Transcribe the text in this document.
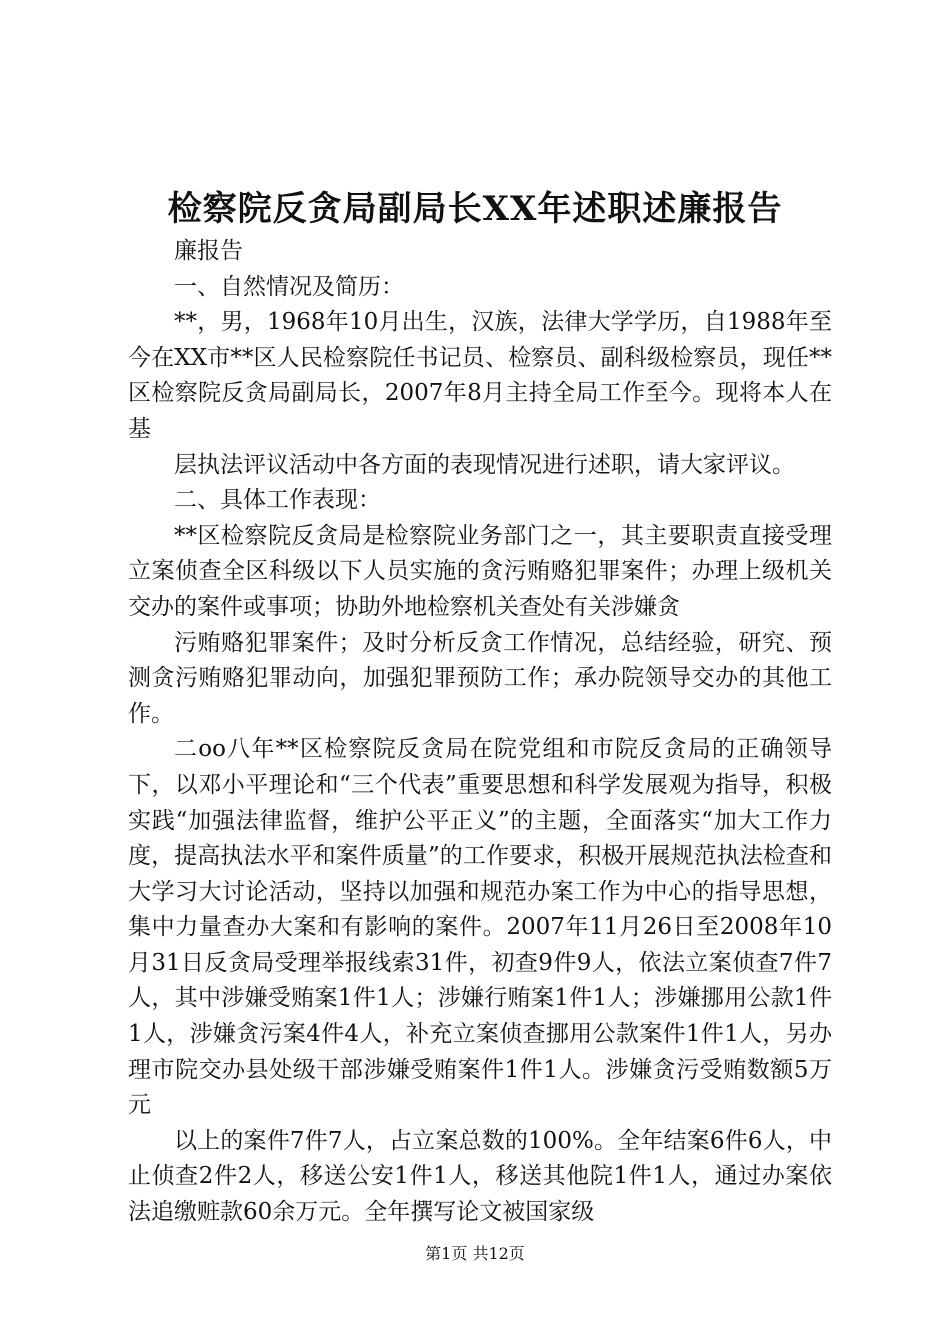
检察院反贪局副局长XX年述职述廉报告

廉报告

一、自然情况及简历：

**，男，1968年10月出生，汉族，法律大学学历，自1988年至今在XX市**区人民检察院任书记员、检察员、副科级检察员，现任**区检察院反贪局副局长，2007年8月主持全局工作至今。现将本人在基

层执法评议活动中各方面的表现情况进行述职，请大家评议。

二、具体工作表现：

**区检察院反贪局是检察院业务部门之一，其主要职责直接受理立案侦查全区科级以下人员实施的贪污贿赂犯罪案件；办理上级机关交办的案件或事项；协助外地检察机关查处有关涉嫌贪

污贿赂犯罪案件；及时分析反贪工作情况，总结经验，研究、预测贪污贿赂犯罪动向，加强犯罪预防工作；承办院领导交办的其他工作。

二oo八年**区检察院反贪局在院党组和市院反贪局的正确领导下，以邓小平理论和“三个代表”重要思想和科学发展观为指导，积极实践“加强法律监督，维护公平正义”的主题，全面落实“加大工作力度，提高执法水平和案件质量”的工作要求，积极开展规范执法检查和大学习大讨论活动，坚持以加强和规范办案工作为中心的指导思想，集中力量查办大案和有影响的案件。2007年11月26日至2008年10月31日反贪局受理举报线索31件，初查9件9人，依法立案侦查7件7人，其中涉嫌受贿案1件1人；涉嫌行贿案1件1人；涉嫌挪用公款1件1人，涉嫌贪污案4件4人，补充立案侦查挪用公款案件1件1人，另办理市院交办县处级干部涉嫌受贿案件1件1人。涉嫌贪污受贿数额5万元

以上的案件7件7人，占立案总数的100%。全年结案6件6人，中止侦查2件2人，移送公安1件1人，移送其他院1件1人，通过办案依法追缴赃款60余万元。全年撰写论文被国家级

第1页 共12页
